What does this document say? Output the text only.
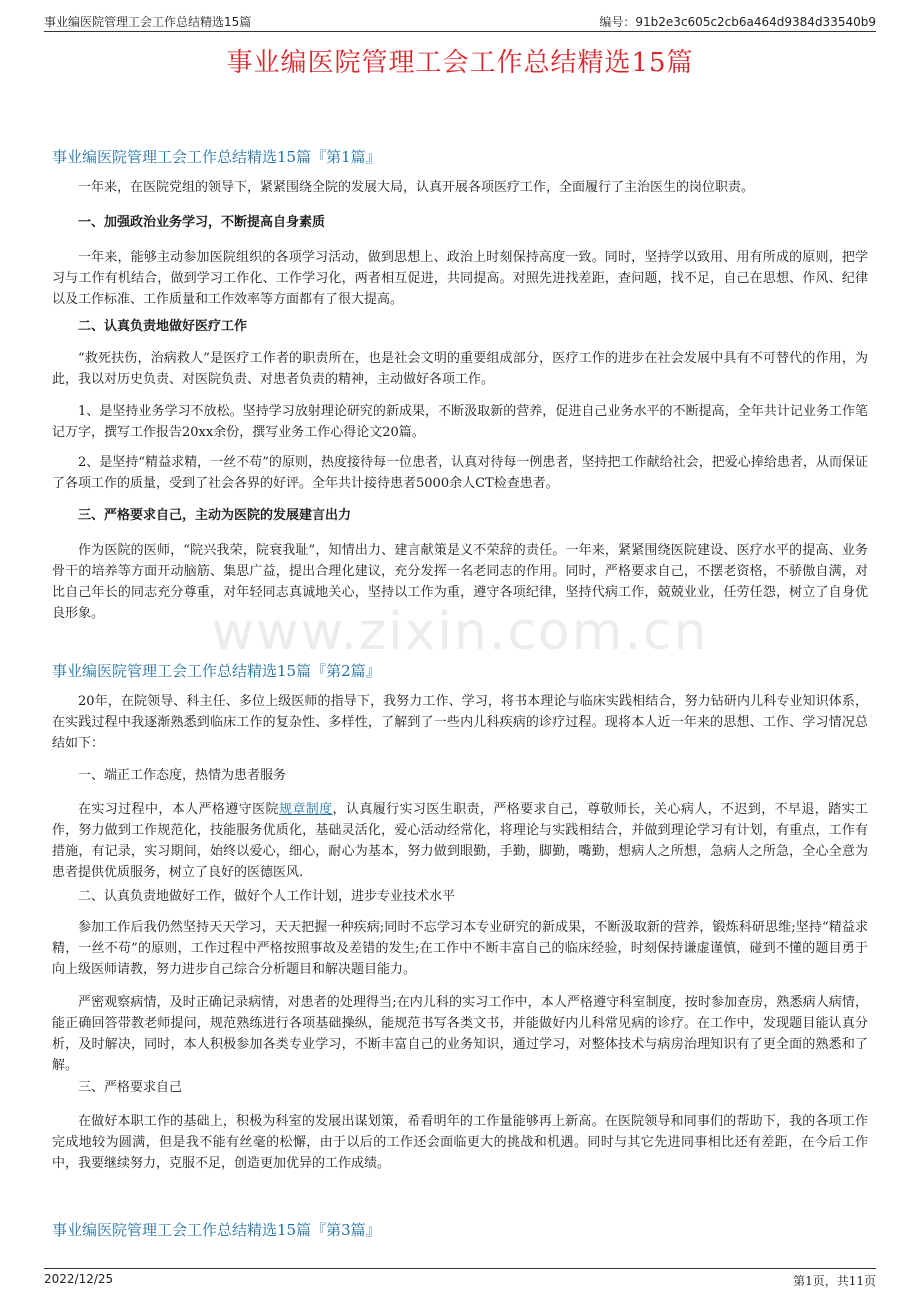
事业编医院管理工会工作总结精选15篇	编号：91b2e3c605c2cb6a464d9384d33540b9
事业编医院管理工会工作总结精选15篇
www.zixin.com.cn
事业编医院管理工会工作总结精选15篇『第1篇』
一年来，在医院党组的领导下，紧紧围绕全院的发展大局，认真开展各项医疗工作，全面履行了主治医生的岗位职责。
一、加强政治业务学习，不断提高自身素质
一年来，能够主动参加医院组织的各项学习活动，做到思想上、政治上时刻保持高度一致。同时，坚持学以致用、用有所成的原则，把学习与工作有机结合，做到学习工作化、工作学习化，两者相互促进，共同提高。对照先进找差距，查问题，找不足，自己在思想、作风、纪律以及工作标准、工作质量和工作效率等方面都有了很大提高。
二、认真负责地做好医疗工作
“救死扶伤，治病救人”是医疗工作者的职责所在，也是社会文明的重要组成部分，医疗工作的进步在社会发展中具有不可替代的作用，为此，我以对历史负责、对医院负责、对患者负责的精神，主动做好各项工作。
1、是坚持业务学习不放松。坚持学习放射理论研究的新成果，不断汲取新的营养，促进自己业务水平的不断提高，全年共计记业务工作笔记万字，撰写工作报告20xx余份，撰写业务工作心得论文20篇。
2、是坚持“精益求精，一丝不苟”的原则，热度接待每一位患者，认真对待每一例患者，坚持把工作献给社会，把爱心捧给患者，从而保证了各项工作的质量，受到了社会各界的好评。全年共计接待患者5000余人CT检查患者。
三、严格要求自己，主动为医院的发展建言出力
作为医院的医师，“院兴我荣，院衰我耻”，知情出力、建言献策是义不荣辞的责任。一年来，紧紧围绕医院建设、医疗水平的提高、业务骨干的培养等方面开动脑筋、集思广益，提出合理化建议，充分发挥一名老同志的作用。同时，严格要求自己，不摆老资格，不骄傲自满，对比自己年长的同志充分尊重，对年轻同志真诚地关心，坚持以工作为重，遵守各项纪律，坚持代病工作，兢兢业业，任劳任怨，树立了自身优良形象。
事业编医院管理工会工作总结精选15篇『第2篇』
20年，在院领导、科主任、多位上级医师的指导下，我努力工作、学习，将书本理论与临床实践相结合，努力钻研内儿科专业知识体系，在实践过程中我逐渐熟悉到临床工作的复杂性、多样性，了解到了一些内儿科疾病的诊疗过程。现将本人近一年来的思想、工作、学习情况总结如下：
一、端正工作态度，热情为患者服务
在实习过程中，本人严格遵守医院规章制度，认真履行实习医生职责，严格要求自己，尊敬师长，关心病人，不迟到，不早退，踏实工作，努力做到工作规范化，技能服务优质化，基础灵活化，爱心活动经常化，将理论与实践相结合，并做到理论学习有计划，有重点，工作有措施，有记录，实习期间，始终以爱心，细心，耐心为基本，努力做到眼勤，手勤，脚勤，嘴勤，想病人之所想，急病人之所急，全心全意为患者提供优质服务，树立了良好的医德医风.
二、认真负责地做好工作，做好个人工作计划，进步专业技术水平
参加工作后我仍然坚持天天学习，天天把握一种疾病;同时不忘学习本专业研究的新成果，不断汲取新的营养，锻炼科研思维;坚持“精益求精，一丝不苟”的原则，工作过程中严格按照事故及差错的发生;在工作中不断丰富自己的临床经验，时刻保持谦虚谨慎，碰到不懂的题目勇于向上级医师请教，努力进步自己综合分析题目和解决题目能力。
严密观察病情，及时正确记录病情，对患者的处理得当;在内儿科的实习工作中，本人严格遵守科室制度，按时参加查房，熟悉病人病情，能正确回答带教老师提问，规范熟练进行各项基础操纵，能规范书写各类文书，并能做好内儿科常见病的诊疗。在工作中，发现题目能认真分析，及时解决，同时，本人积极参加各类专业学习，不断丰富自己的业务知识，通过学习，对整体技术与病房治理知识有了更全面的熟悉和了解。
三、严格要求自己
在做好本职工作的基础上，积极为科室的发展出谋划策，希看明年的工作量能够再上新高。在医院领导和同事们的帮助下，我的各项工作完成地较为圆满，但是我不能有丝毫的松懈，由于以后的工作还会面临更大的挑战和机遇。同时与其它先进同事相比还有差距，在今后工作中，我要继续努力，克服不足，创造更加优异的工作成绩。
事业编医院管理工会工作总结精选15篇『第3篇』
2022/12/25	第1页，共11页
